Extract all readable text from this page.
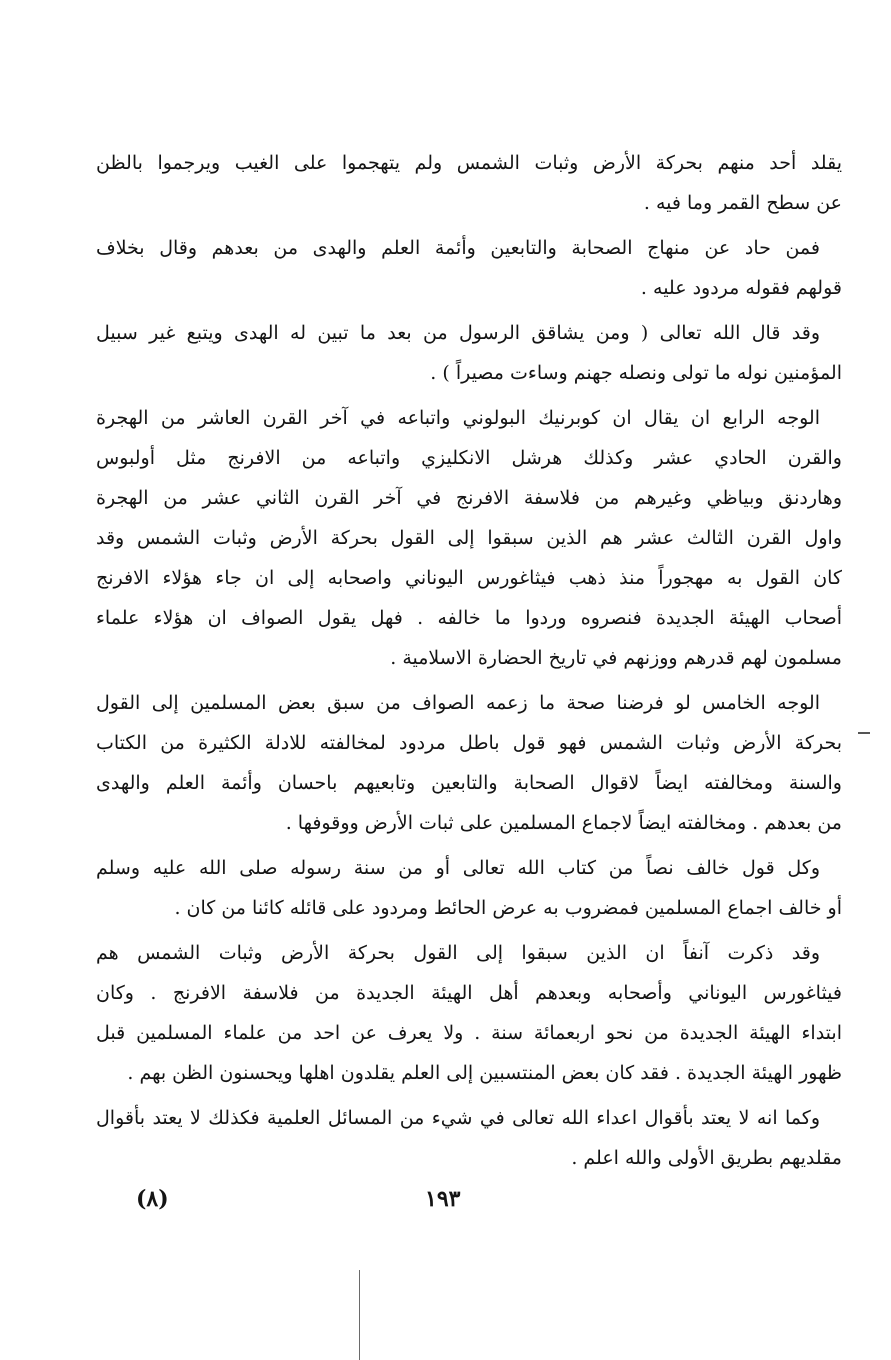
يقلد أحد منهم بحركة الأرض وثبات الشمس ولم يتهجموا على الغيب ويرجموا بالظن
عن سطح القمر وما فيه .
فمن حاد عن منهاج الصحابة والتابعين وأئمة العلم والهدى من بعدهم وقال بخلاف
قولهم فقوله مردود عليه .
وقد قال الله تعالى ( ومن يشاقق الرسول من بعد ما تبين له الهدى ويتبع غير سبيل
المؤمنين نوله ما تولى ونصله جهنم وساءت مصيراً ) .
الوجه الرابع ان يقال ان كوبرنيك البولوني واتباعه في آخر القرن العاشر من الهجرة
والقرن الحادي عشر وكذلك هرشل الانكليزي واتباعه من الافرنج مثل أولبوس
وهاردنق وبياظي وغيرهم من فلاسفة الافرنج في آخر القرن الثاني عشر من الهجرة
واول القرن الثالث عشر هم الذين سبقوا إلى القول بحركة الأرض وثبات الشمس وقد
كان القول به مهجوراً منذ ذهب فيثاغورس اليوناني واصحابه إلى ان جاء هؤلاء الافرنج
أصحاب الهيئة الجديدة فنصروه وردوا ما خالفه . فهل يقول الصواف ان هؤلاء علماء
مسلمون لهم قدرهم ووزنهم في تاريخ الحضارة الاسلامية .
الوجه الخامس لو فرضنا صحة ما زعمه الصواف من سبق بعض المسلمين إلى القول
بحركة الأرض وثبات الشمس فهو قول باطل مردود لمخالفته للادلة الكثيرة من الكتاب
والسنة ومخالفته ايضاً لاقوال الصحابة والتابعين وتابعيهم باحسان وأئمة العلم والهدى
من بعدهم . ومخالفته ايضاً لاجماع المسلمين على ثبات الأرض ووقوفها .
وكل قول خالف نصاً من كتاب الله تعالى أو من سنة رسوله صلى الله عليه وسلم
أو خالف اجماع المسلمين فمضروب به عرض الحائط ومردود على قائله كائنا من كان .
وقد ذكرت آنفاً ان الذين سبقوا إلى القول بحركة الأرض وثبات الشمس هم
فيثاغورس اليوناني وأصحابه وبعدهم أهل الهيئة الجديدة من فلاسفة الافرنج . وكان
ابتداء الهيئة الجديدة من نحو اربعمائة سنة . ولا يعرف عن احد من علماء المسلمين قبل
ظهور الهيئة الجديدة . فقد كان بعض المنتسبين إلى العلم يقلدون اهلها ويحسنون الظن بهم .
وكما انه لا يعتد بأقوال اعداء الله تعالى في شيء من المسائل العلمية فكذلك لا يعتد بأقوال
مقلديهم بطريق الأولى والله اعلم .
١٩٣
(٨)
